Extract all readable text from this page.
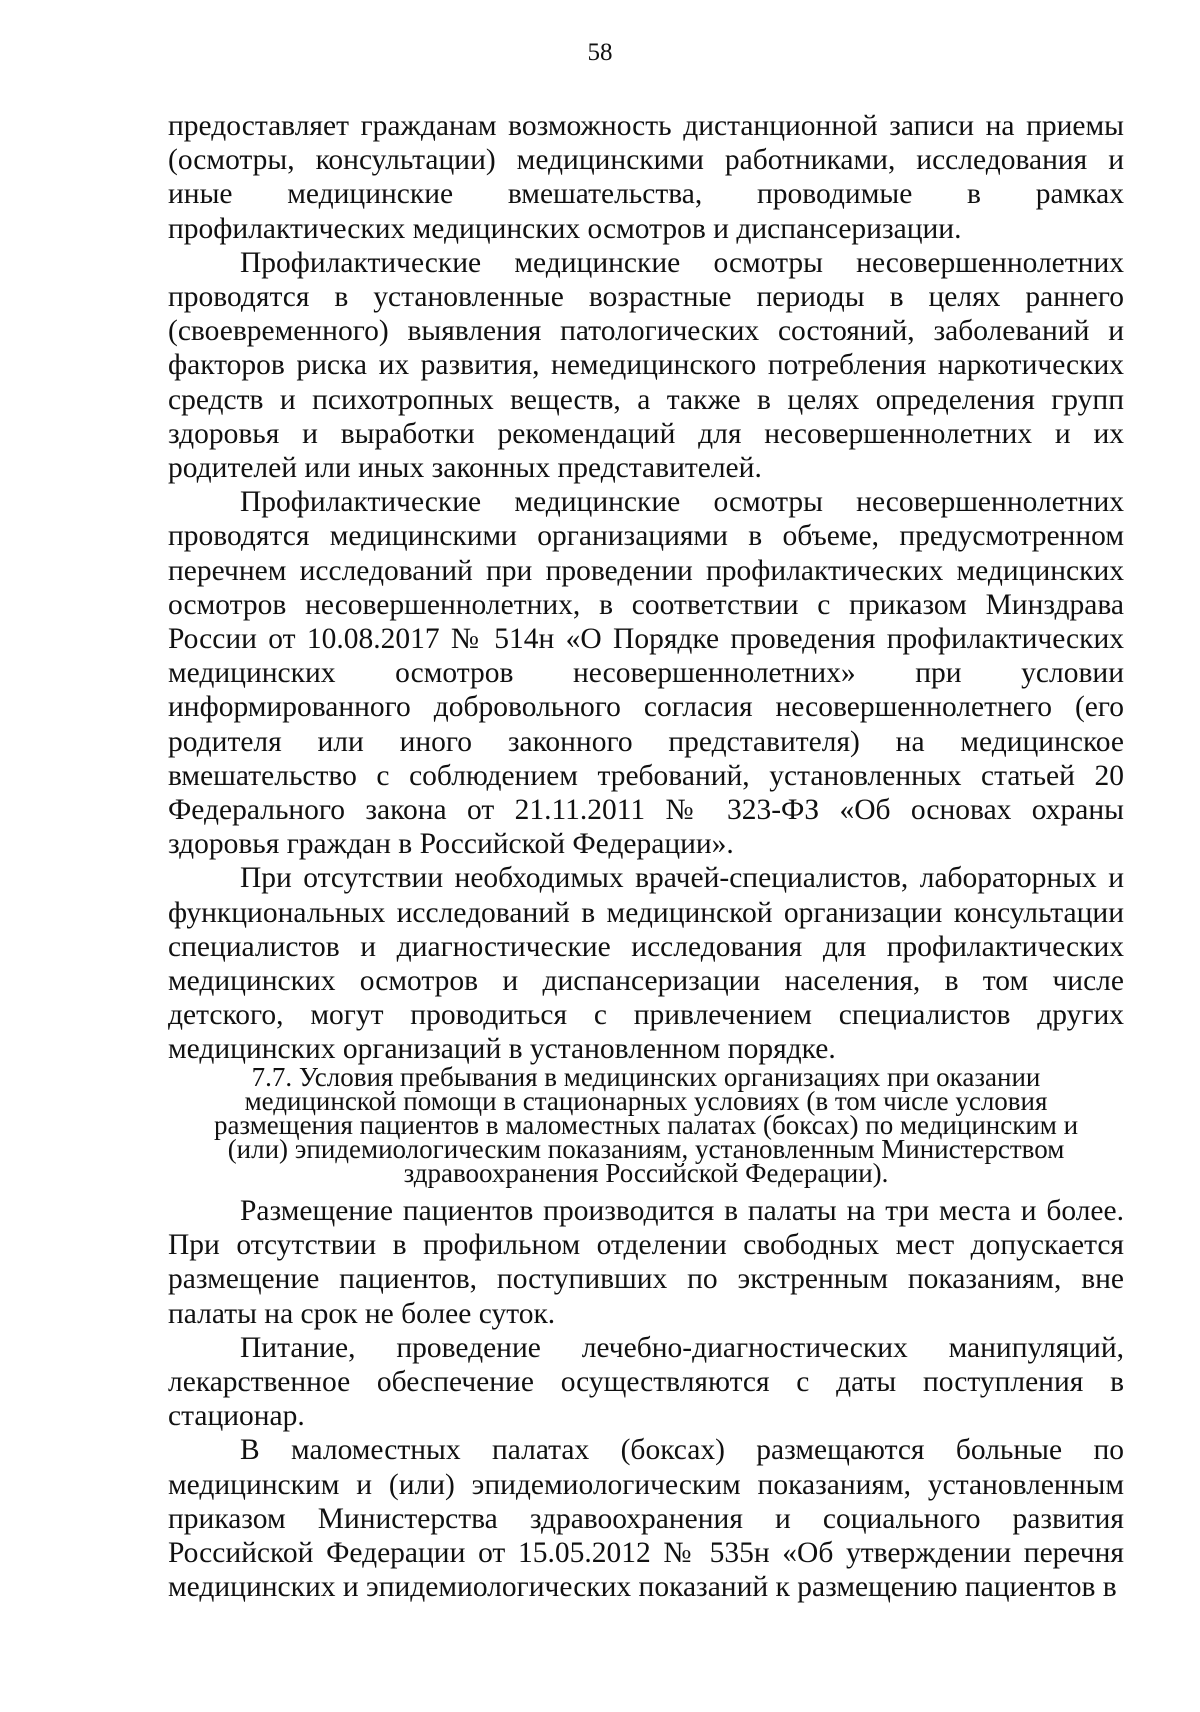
58

предоставляет гражданам возможность дистанционной записи на приемы (осмотры, консультации) медицинскими работниками, исследования и иные медицинские вмешательства, проводимые в рамках профилактических медицинских осмотров и диспансеризации.

Профилактические медицинские осмотры несовершеннолетних проводятся в установленные возрастные периоды в целях раннего (своевременного) выявления патологических состояний, заболеваний и факторов риска их развития, немедицинского потребления наркотических средств и психотропных веществ, а также в целях определения групп здоровья и выработки рекомендаций для несовершеннолетних и их родителей или иных законных представителей.

Профилактические медицинские осмотры несовершеннолетних проводятся медицинскими организациями в объеме, предусмотренном перечнем исследований при проведении профилактических медицинских осмотров несовершеннолетних, в соответствии с приказом Минздрава России от 10.08.2017 № 514н «О Порядке проведения профилактических медицинских осмотров несовершеннолетних» при условии информированного добровольного согласия несовершеннолетнего (его родителя или иного законного представителя) на медицинское вмешательство с соблюдением требований, установленных статьей 20 Федерального закона от 21.11.2011 № 323-ФЗ «Об основах охраны здоровья граждан в Российской Федерации».

При отсутствии необходимых врачей-специалистов, лабораторных и функциональных исследований в медицинской организации консультации специалистов и диагностические исследования для профилактических медицинских осмотров и диспансеризации населения, в том числе детского, могут проводиться с привлечением специалистов других медицинских организаций в установленном порядке.

7.7. Условия пребывания в медицинских организациях при оказании
медицинской помощи в стационарных условиях (в том числе условия
размещения пациентов в маломестных палатах (боксах) по медицинским и
(или) эпидемиологическим показаниям, установленным Министерством
здравоохранения Российской Федерации).

Размещение пациентов производится в палаты на три места и более. При отсутствии в профильном отделении свободных мест допускается размещение пациентов, поступивших по экстренным показаниям, вне палаты на срок не более суток.

Питание, проведение лечебно-диагностических манипуляций, лекарственное обеспечение осуществляются с даты поступления в стационар.

В маломестных палатах (боксах) размещаются больные по медицинским и (или) эпидемиологическим показаниям, установленным приказом Министерства здравоохранения и социального развития Российской Федерации от 15.05.2012 № 535н «Об утверждении перечня медицинских и эпидемиологических показаний к размещению пациентов в
